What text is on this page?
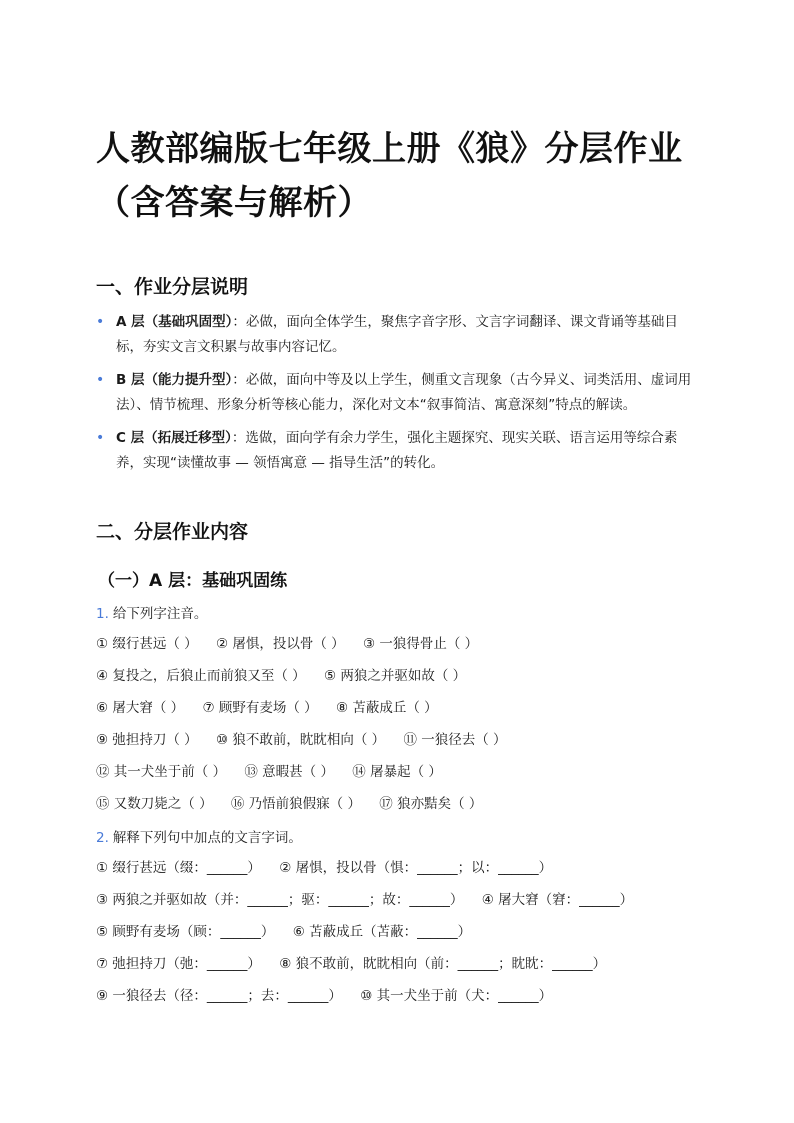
人教部编版七年级上册《狼》分层作业（含答案与解析）
一、作业分层说明
• A 层（基础巩固型）：必做，面向全体学生，聚焦字音字形、文言字词翻译、课文背诵等基础目标，夯实文言文积累与故事内容记忆。
• B 层（能力提升型）：必做，面向中等及以上学生，侧重文言现象（古今异义、词类活用、虚词用法）、情节梳理、形象分析等核心能力，深化对文本“叙事简洁、寓意深刻”特点的解读。
• C 层（拓展迁移型）：选做，面向学有余力学生，强化主题探究、现实关联、语言运用等综合素养，实现“读懂故事 — 领悟寓意 — 指导生活”的转化。
二、分层作业内容
（一）A 层：基础巩固练
1. 给下列字注音。
① 缀行甚远（ ） ② 屠惧，投以骨（ ） ③ 一狼得骨止（ ）
④ 复投之，后狼止而前狼又至（ ） ⑤ 两狼之并驱如故（ ）
⑥ 屠大窘（ ） ⑦ 顾野有麦场（ ） ⑧ 苫蔽成丘（ ）
⑨ 弛担持刀（ ） ⑩ 狼不敢前，眈眈相向（ ） ⑪ 一狼径去（ ）
⑫ 其一犬坐于前（ ） ⑬ 意暇甚（ ） ⑭ 屠暴起（ ）
⑮ 又数刀毙之（ ） ⑯ 乃悟前狼假寐（ ） ⑰ 狼亦黠矣（ ）
2. 解释下列句中加点的文言字词。
① 缀行甚远（缀：______） ② 屠惧，投以骨（惧：______；以：______）
③ 两狼之并驱如故（并：______；驱：______；故：______） ④ 屠大窘（窘：______）
⑤ 顾野有麦场（顾：______） ⑥ 苫蔽成丘（苫蔽：______）
⑦ 弛担持刀（弛：______） ⑧ 狼不敢前，眈眈相向（前：______；眈眈：______）
⑨ 一狼径去（径：______；去：______） ⑩ 其一犬坐于前（犬：______）
